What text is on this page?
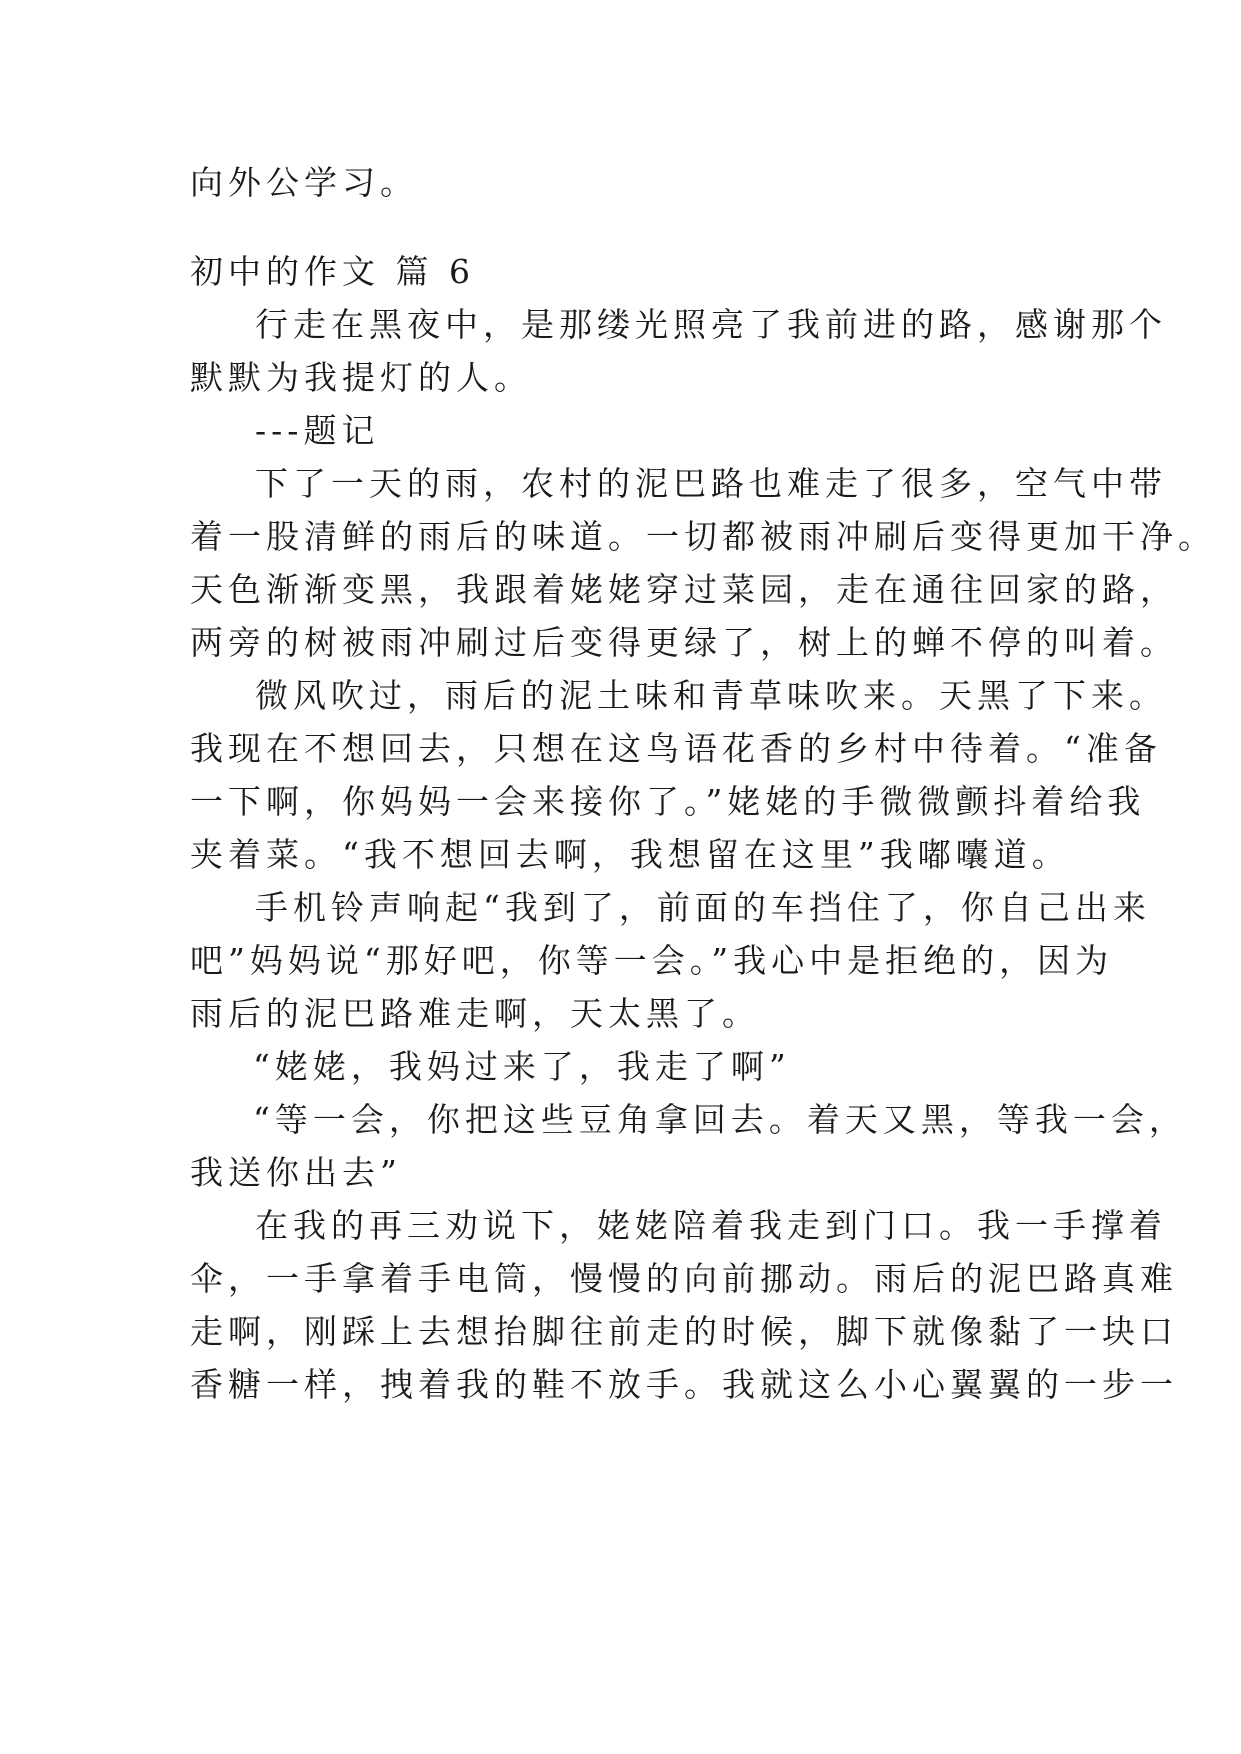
向外公学习。
初中的作文 篇 6
行走在黑夜中，是那缕光照亮了我前进的路，感谢那个
默默为我提灯的人。
---题记
下了一天的雨，农村的泥巴路也难走了很多，空气中带
着一股清鲜的雨后的味道。一切都被雨冲刷后变得更加干净。
天色渐渐变黑，我跟着姥姥穿过菜园，走在通往回家的路，
两旁的树被雨冲刷过后变得更绿了，树上的蝉不停的叫着。
微风吹过，雨后的泥土味和青草味吹来。天黑了下来。
我现在不想回去，只想在这鸟语花香的乡村中待着。“准备
一下啊，你妈妈一会来接你了。”姥姥的手微微颤抖着给我
夹着菜。“我不想回去啊，我想留在这里”我嘟囔道。
手机铃声响起“我到了，前面的车挡住了，你自己出来
吧”妈妈说“那好吧，你等一会。”我心中是拒绝的，因为
雨后的泥巴路难走啊，天太黑了。
“姥姥，我妈过来了，我走了啊”
“等一会，你把这些豆角拿回去。着天又黑，等我一会，
我送你出去”
在我的再三劝说下，姥姥陪着我走到门口。我一手撑着
伞，一手拿着手电筒，慢慢的向前挪动。雨后的泥巴路真难
走啊，刚踩上去想抬脚往前走的时候，脚下就像黏了一块口
香糖一样，拽着我的鞋不放手。我就这么小心翼翼的一步一
